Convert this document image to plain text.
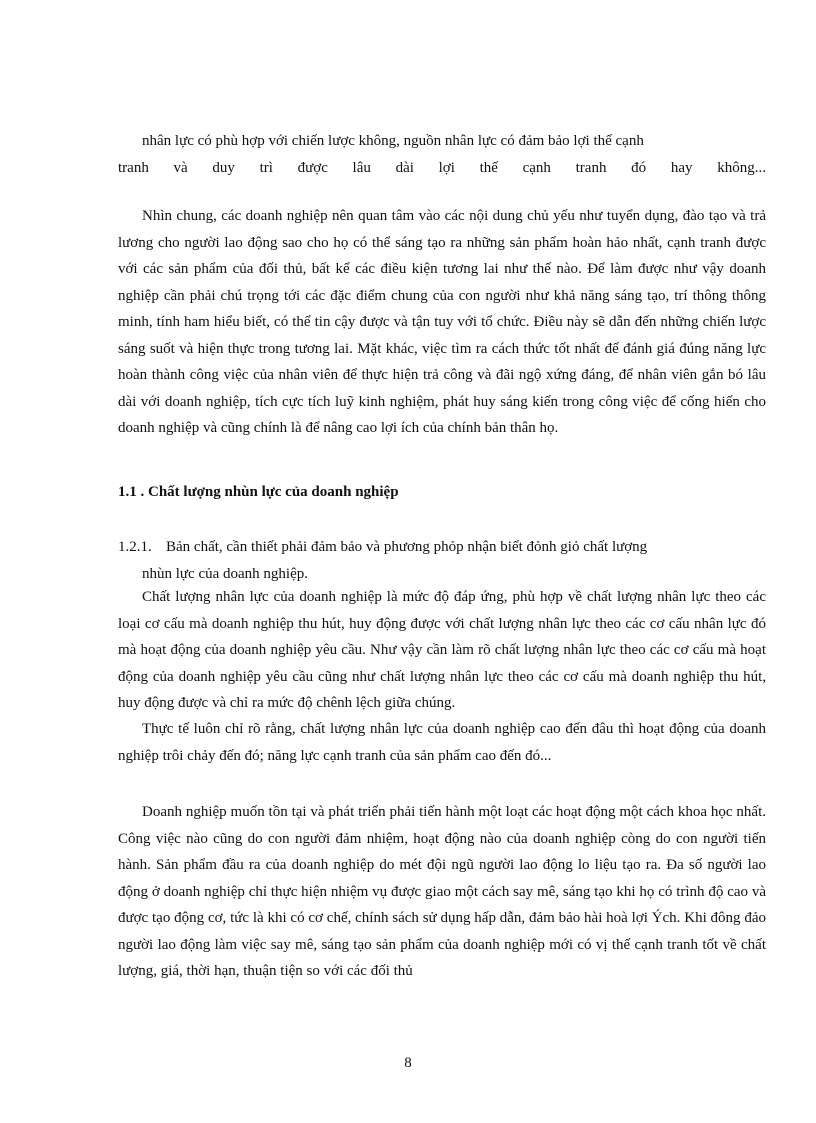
nhân lực có phù hợp với chiến lược không, nguồn nhân lực có đảm bảo lợi thế cạnh
tranh và duy trì được lâu dài lợi thế cạnh tranh đó hay không...

Nhìn chung, các doanh nghiệp nên quan tâm vào các nội dung chủ yếu như tuyển dụng, đào tạo và trả lương cho người lao động sao cho họ có thể sáng tạo ra những sản phẩm hoàn hảo nhất, cạnh tranh được với các sản phẩm của đối thủ, bất kể các điều kiện tương lai như thế nào. Để làm được như vậy doanh nghiệp cần phải chú trọng tới các đặc điểm chung của con người như khả năng sáng tạo, trí thông thông minh, tính ham hiểu biết, có thể tin cậy được và tận tuy với tổ chức. Điều này sẽ dẫn đến những chiến lược sáng suốt và hiện thực trong tương lai. Mặt khác, việc tìm ra cách thức tốt nhất để đánh giá đúng năng lực hoàn thành công việc của nhân viên để thực hiện trả công và đãi ngộ xứng đáng, để nhân viên gắn bó lâu dài với doanh nghiệp, tích cực tích luỹ kinh nghiệm, phát huy sáng kiến trong công việc để cống hiến cho doanh nghiệp và cũng chính là để nâng cao lợi ích của chính bản thân họ.

1.1 . Chất lượng nhùn lực của doanh nghiệp

1.2.1. Bản chất, cần thiết phải đảm bảo và phương phỏp nhận biết đỏnh giỏ chất lượng
nhùn lực của doanh nghiệp.

Chất lượng nhân lực của doanh nghiệp là mức độ đáp ứng, phù hợp về chất lượng nhân lực theo các loại cơ cấu mà doanh nghiệp thu hút, huy động được với chất lượng nhân lực theo các cơ cấu nhân lực đó mà hoạt động của doanh nghiệp yêu cầu. Như vậy cần làm rõ chất lượng nhân lực theo các cơ cấu mà hoạt động của doanh nghiệp yêu cầu cũng như chất lượng nhân lực theo các cơ cấu mà doanh nghiệp thu hút, huy động được và chỉ ra mức độ chênh lệch giữa chúng.

Thực tế luôn chỉ rõ rằng, chất lượng nhân lực của doanh nghiệp cao đến đâu thì hoạt động của doanh nghiệp trôi chảy đến đó; năng lực cạnh tranh của sản phẩm cao đến đó...

Doanh nghiệp muốn tồn tại và phát triển phải tiến hành một loạt các hoạt động một cách khoa học nhất. Công việc nào cũng do con người đảm nhiệm, hoạt động nào của doanh nghiệp còng do con người tiến hành. Sản phẩm đầu ra của doanh nghiệp do mét đội ngũ người lao động lo liệu tạo ra. Đa số người lao động ở doanh nghiệp chỉ thực hiện nhiệm vụ được giao một cách say mê, sáng tạo khi họ có trình độ cao và được tạo động cơ, tức là khi có cơ chế, chính sách sử dụng hấp dẫn, đảm bảo hài hoà lợi Ých. Khi đông đảo người lao động làm việc say mê, sáng tạo sản phẩm của doanh nghiệp mới có vị thế cạnh tranh tốt về chất lượng, giá, thời hạn, thuận tiện so với các đối thủ

8
